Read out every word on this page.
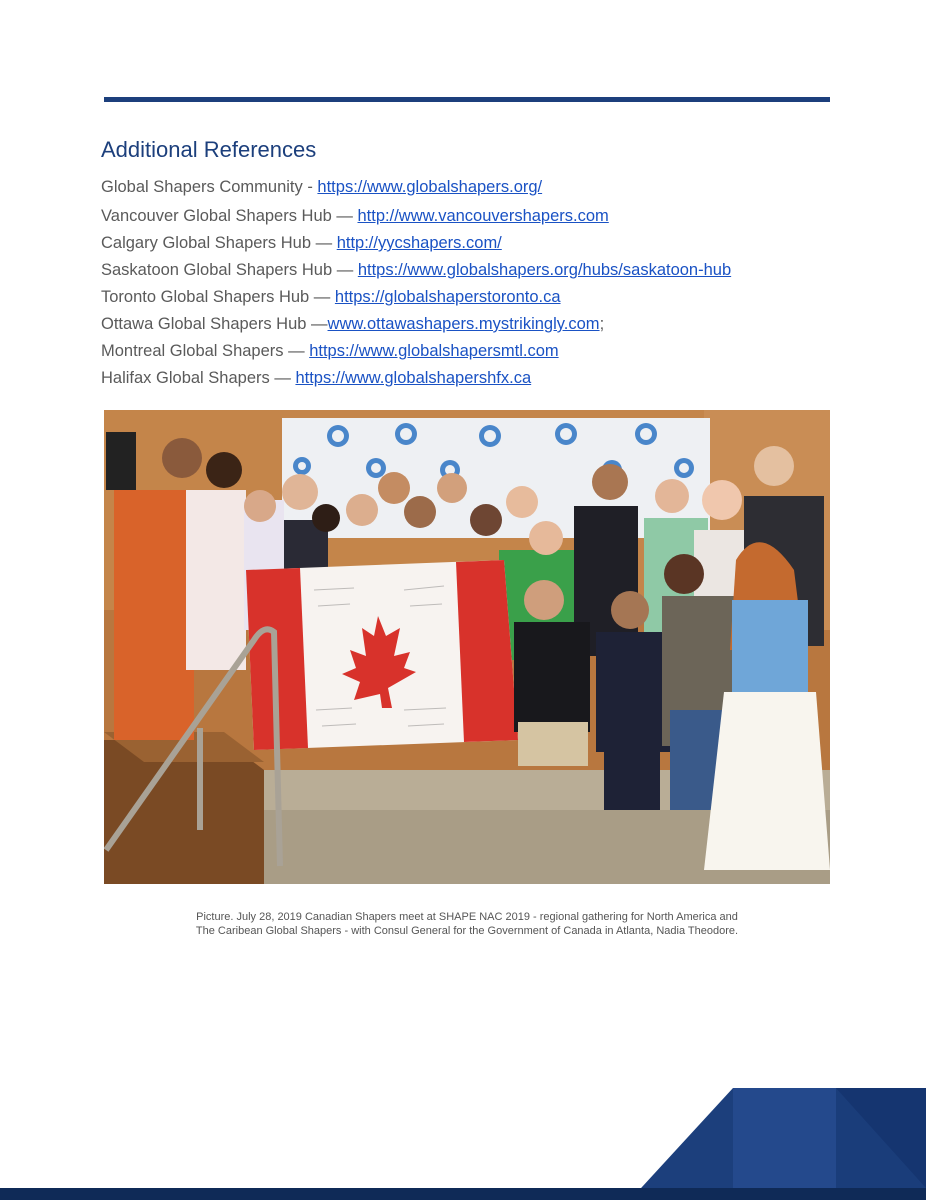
Additional References
Global Shapers Community - https://www.globalshapers.org/
Vancouver Global Shapers Hub — http://www.vancouvershapers.com
Calgary Global Shapers Hub — http://yycshapers.com/
Saskatoon Global Shapers Hub — https://www.globalshapers.org/hubs/saskatoon-hub
Toronto Global Shapers Hub — https://globalshaperstoronto.ca
Ottawa Global Shapers Hub —www.ottawashapers.mystrikingly.com;
Montreal Global Shapers — https://www.globalshapersmtl.com
Halifax Global Shapers — https://www.globalshapershfx.ca

Picture. July 28, 2019 Canadian Shapers meet at SHAPE NAC 2019 - regional gathering for North America and
The Caribean Global Shapers - with Consul General for the Government of Canada in Atlanta, Nadia Theodore.
